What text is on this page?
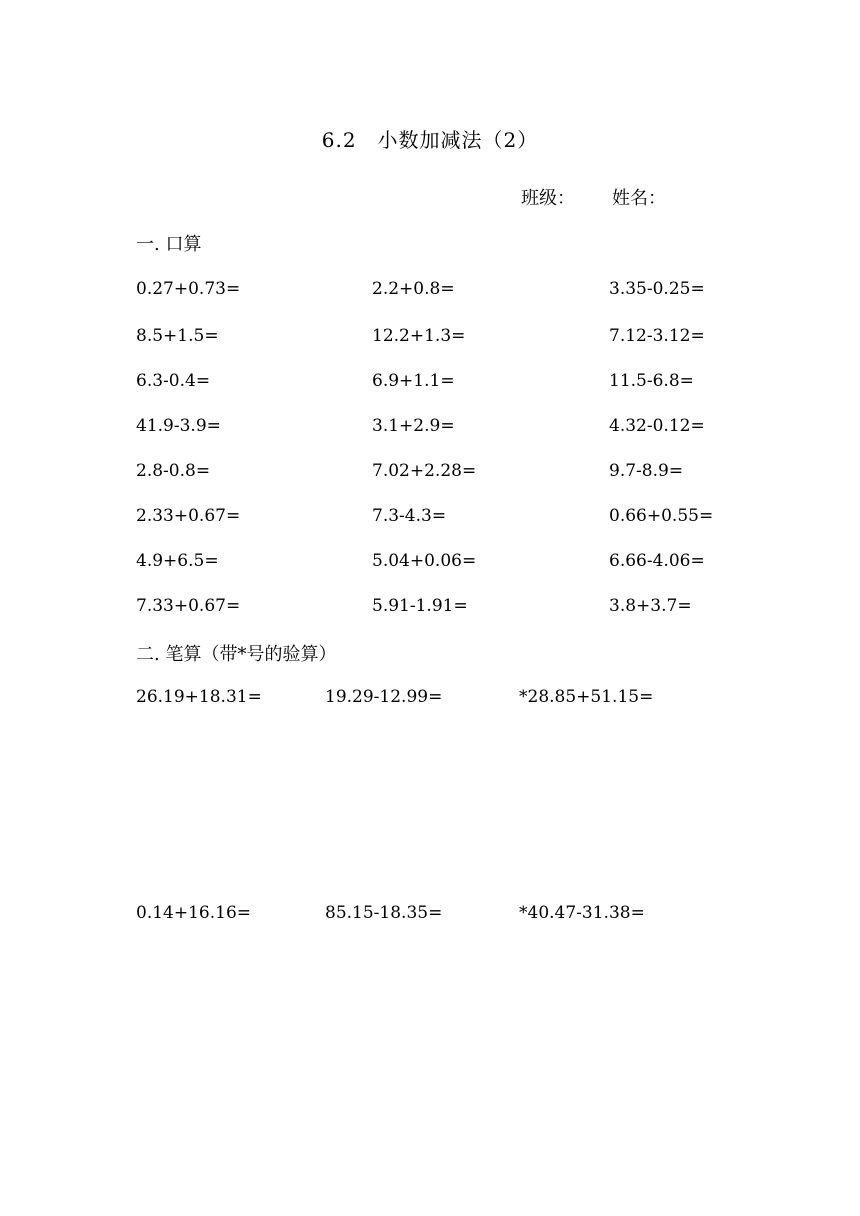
6.2　小数加减法（2）
班级： 姓名：
一. 口算
0.27+0.73=	2.2+0.8=	3.35-0.25=
8.5+1.5=	12.2+1.3=	7.12-3.12=
6.3-0.4=	6.9+1.1=	11.5-6.8=
41.9-3.9=	3.1+2.9=	4.32-0.12=
2.8-0.8=	7.02+2.28=	9.7-8.9=
2.33+0.67=	7.3-4.3=	0.66+0.55=
4.9+6.5=	5.04+0.06=	6.66-4.06=
7.33+0.67=	5.91-1.91=	3.8+3.7=
二. 笔算（带*号的验算）
26.19+18.31=	19.29-12.99=	*28.85+51.15=
0.14+16.16=	85.15-18.35=	*40.47-31.38=
